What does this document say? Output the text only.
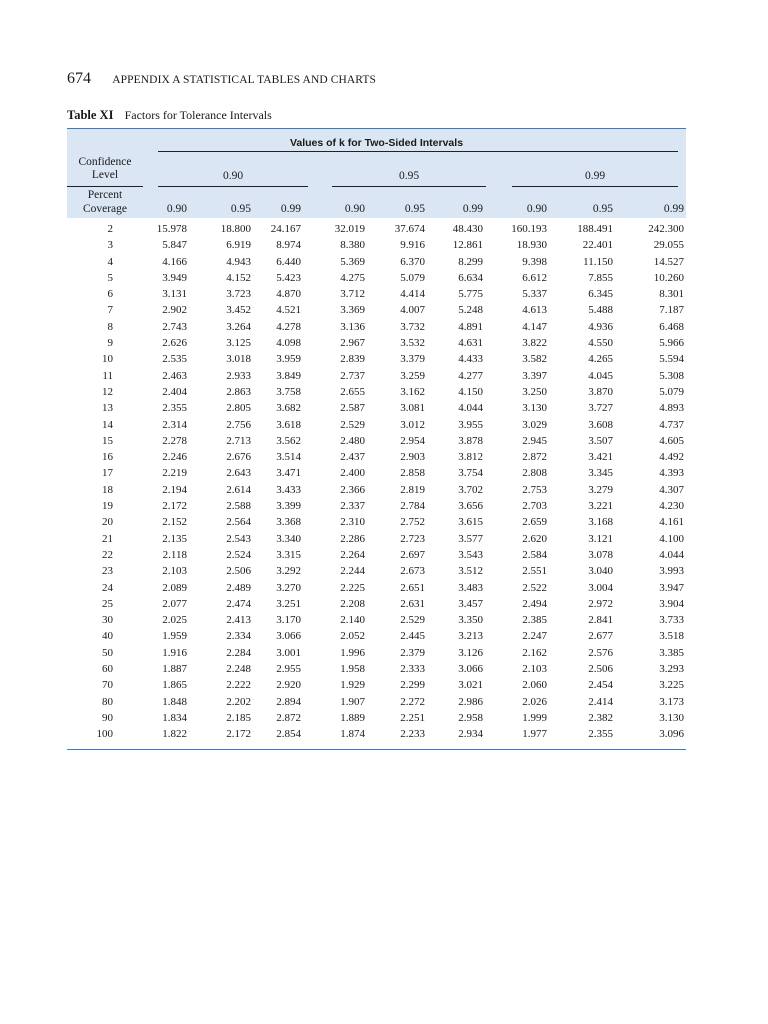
674 APPENDIX A STATISTICAL TABLES AND CHARTS
Table XI Factors for Tolerance Intervals
Values of k for Two-Sided Intervals
Confidence
Level	0.90	0.95	0.99
Percent
Coverage	0.90	0.95	0.99	0.90	0.95	0.99	0.90	0.95	0.99
2	15.978	18.800	24.167	32.019	37.674	48.430	160.193	188.491	242.300
3	5.847	6.919	8.974	8.380	9.916	12.861	18.930	22.401	29.055
4	4.166	4.943	6.440	5.369	6.370	8.299	9.398	11.150	14.527
5	3.949	4.152	5.423	4.275	5.079	6.634	6.612	7.855	10.260
6	3.131	3.723	4.870	3.712	4.414	5.775	5.337	6.345	8.301
7	2.902	3.452	4.521	3.369	4.007	5.248	4.613	5.488	7.187
8	2.743	3.264	4.278	3.136	3.732	4.891	4.147	4.936	6.468
9	2.626	3.125	4.098	2.967	3.532	4.631	3.822	4.550	5.966
10	2.535	3.018	3.959	2.839	3.379	4.433	3.582	4.265	5.594
11	2.463	2.933	3.849	2.737	3.259	4.277	3.397	4.045	5.308
12	2.404	2.863	3.758	2.655	3.162	4.150	3.250	3.870	5.079
13	2.355	2.805	3.682	2.587	3.081	4.044	3.130	3.727	4.893
14	2.314	2.756	3.618	2.529	3.012	3.955	3.029	3.608	4.737
15	2.278	2.713	3.562	2.480	2.954	3.878	2.945	3.507	4.605
16	2.246	2.676	3.514	2.437	2.903	3.812	2.872	3.421	4.492
17	2.219	2.643	3.471	2.400	2.858	3.754	2.808	3.345	4.393
18	2.194	2.614	3.433	2.366	2.819	3.702	2.753	3.279	4.307
19	2.172	2.588	3.399	2.337	2.784	3.656	2.703	3.221	4.230
20	2.152	2.564	3.368	2.310	2.752	3.615	2.659	3.168	4.161
21	2.135	2.543	3.340	2.286	2.723	3.577	2.620	3.121	4.100
22	2.118	2.524	3.315	2.264	2.697	3.543	2.584	3.078	4.044
23	2.103	2.506	3.292	2.244	2.673	3.512	2.551	3.040	3.993
24	2.089	2.489	3.270	2.225	2.651	3.483	2.522	3.004	3.947
25	2.077	2.474	3.251	2.208	2.631	3.457	2.494	2.972	3.904
30	2.025	2.413	3.170	2.140	2.529	3.350	2.385	2.841	3.733
40	1.959	2.334	3.066	2.052	2.445	3.213	2.247	2.677	3.518
50	1.916	2.284	3.001	1.996	2.379	3.126	2.162	2.576	3.385
60	1.887	2.248	2.955	1.958	2.333	3.066	2.103	2.506	3.293
70	1.865	2.222	2.920	1.929	2.299	3.021	2.060	2.454	3.225
80	1.848	2.202	2.894	1.907	2.272	2.986	2.026	2.414	3.173
90	1.834	2.185	2.872	1.889	2.251	2.958	1.999	2.382	3.130
100	1.822	2.172	2.854	1.874	2.233	2.934	1.977	2.355	3.096
